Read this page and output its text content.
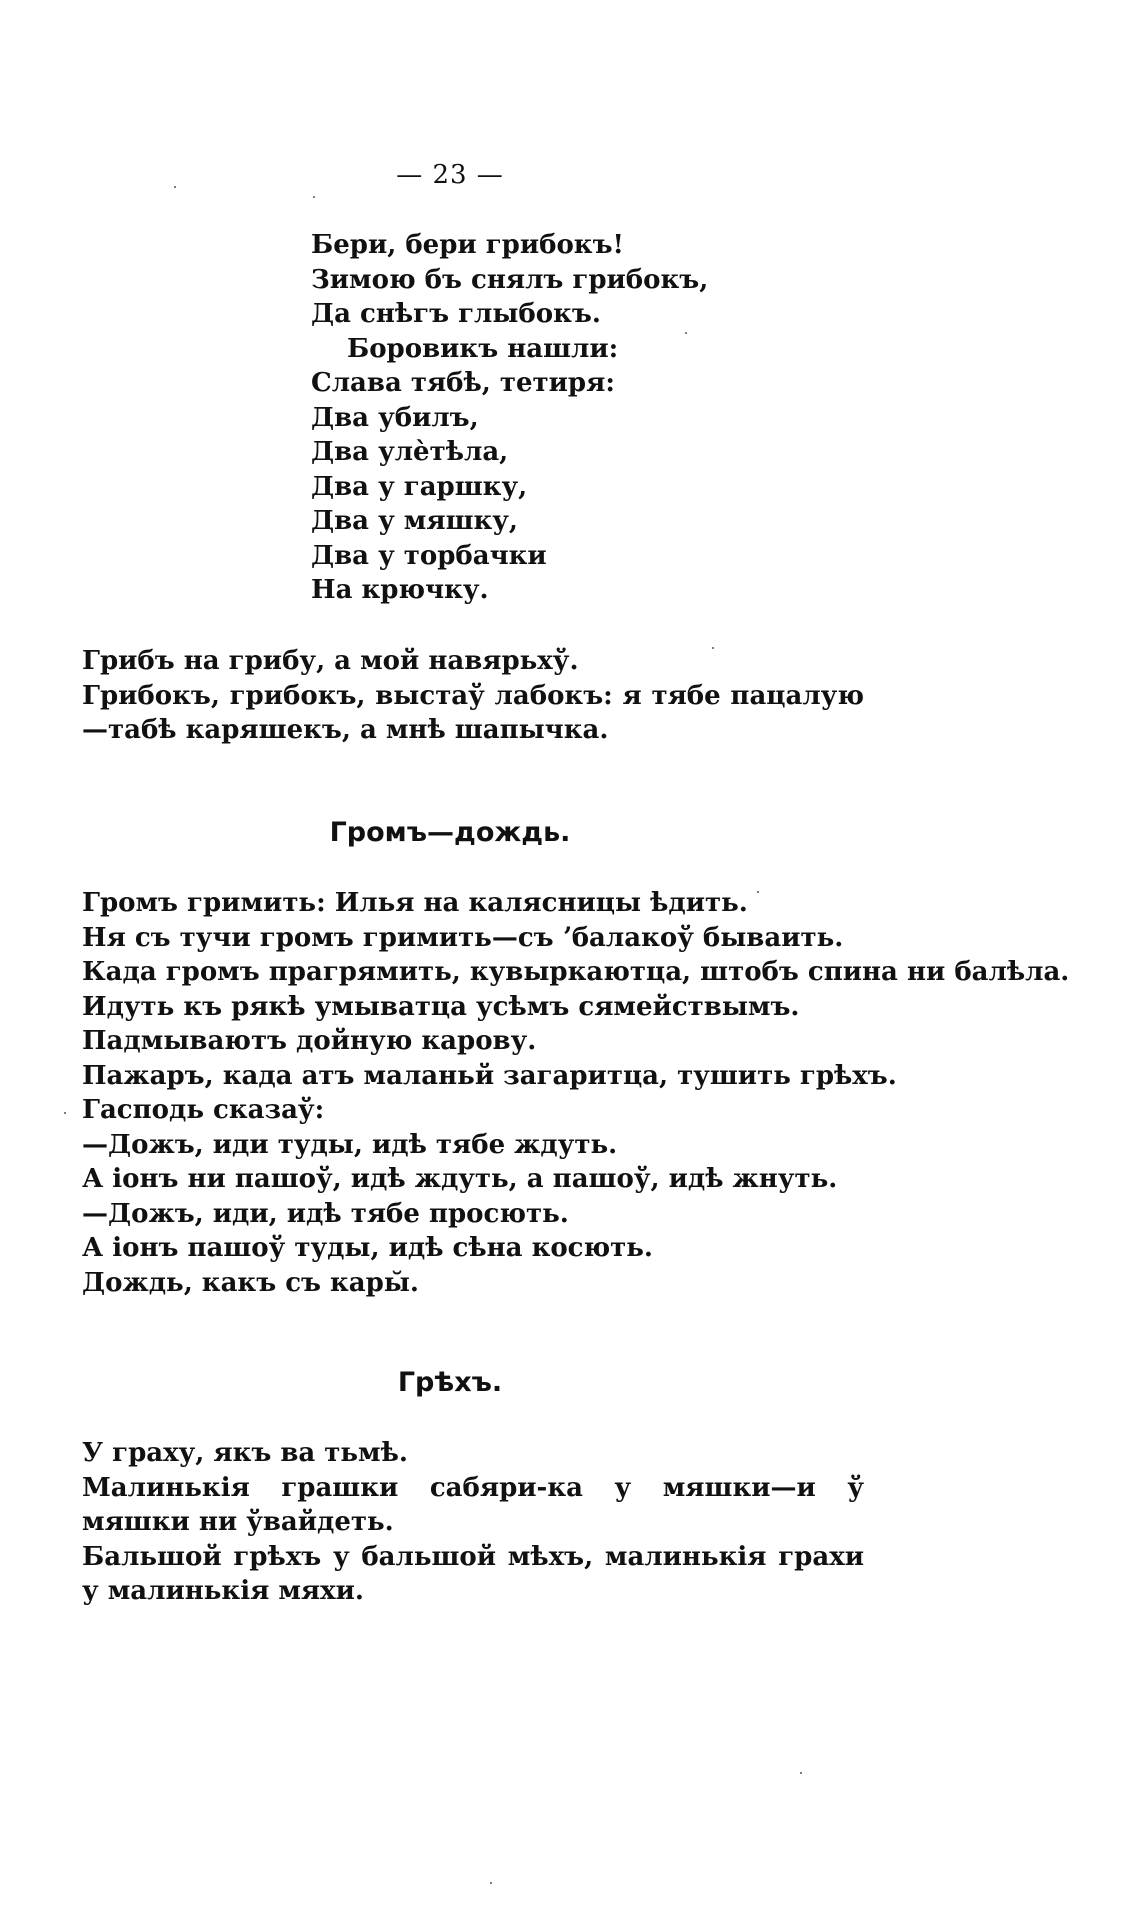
— 23 —
Бери, бери грибокъ!
Зимою бъ снялъ грибокъ,
Да снѣгъ глыбокъ.
Боровикъ нашли:
Слава тябѣ, тетиря:
Два убилъ,
Два улѐтѣла,
Два у гаршку,
Два у мяшку,
Два у торбачки
На крючку.
Грибъ на грибу, а мой навярьхў.
Грибокъ, грибокъ, выстаў лабокъ: я тябе пацалую—табѣ каряшекъ, а мнѣ шапычка.
Громъ—дождь.
Громъ гримить: Илья на калясницы ѣдить.
Ня съ тучи громъ гримить—съ ʼбалакоў бываить.
Када громъ прагрямить, кувыркаютца, штобъ спина ни балѣла.
Идуть къ рякѣ умыватца усѣмъ сямействымъ.
Падмываютъ дойную карову.
Пажаръ, када атъ маланьй загаритца, тушить грѣхъ.
Гасподь сказаў:
—Дожъ, иди туды, идѣ тябе ждуть.
А іонъ ни пашоў, идѣ ждуть, а пашоў, идѣ жнуть.
—Дожъ, иди, идѣ тябе просють.
А іонъ пашоў туды, идѣ сѣна косють.
Дождь, какъ съ кары̆.
Грѣхъ.
У граху, якъ ва тьмѣ.
Малинькія грашки сабяри-ка у мяшки—и ў мяшки ни ўвайдеть.
Бальшой грѣхъ у бальшой мѣхъ, малинькія грахи у малинькія мяхи.
